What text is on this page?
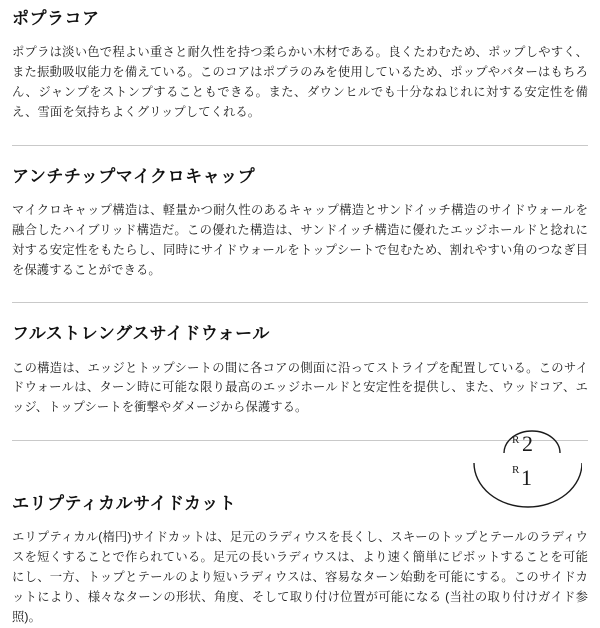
ポプラコア

ポプラは淡い色で程よい重さと耐久性を持つ柔らかい木材である。良くたわむため、ポップしやすく、また振動吸収能力を備えている。このコアはポプラのみを使用しているため、ポップやバターはもちろん、ジャンプをストンプすることもできる。また、ダウンヒルでも十分なねじれに対する安定性を備え、雪面を気持ちよくグリップしてくれる。

アンチチップマイクロキャップ

マイクロキャップ構造は、軽量かつ耐久性のあるキャップ構造とサンドイッチ構造のサイドウォールを融合したハイブリッド構造だ。この優れた構造は、サンドイッチ構造に優れたエッジホールドと捻れに対する安定性をもたらし、同時にサイドウォールをトップシートで包むため、割れやすい角のつなぎ目を保護することができる。

フルストレングスサイドウォール

この構造は、エッジとトップシートの間に各コアの側面に沿ってストライプを配置している。このサイドウォールは、ターン時に可能な限り最高のエッジホールドと安定性を提供し、また、ウッドコア、エッジ、トップシートを衝撃やダメージから保護する。

R 2
R 1
エリプティカルサイドカット

エリプティカル(楕円)サイドカットは、足元のラディウスを長くし、スキーのトップとテールのラディウスを短くすることで作られている。足元の長いラディウスは、より速く簡単にピボットすることを可能にし、一方、トップとテールのより短いラディウスは、容易なターン始動を可能にする。このサイドカットにより、様々なターンの形状、角度、そして取り付け位置が可能になる (当社の取り付けガイド参照)。
